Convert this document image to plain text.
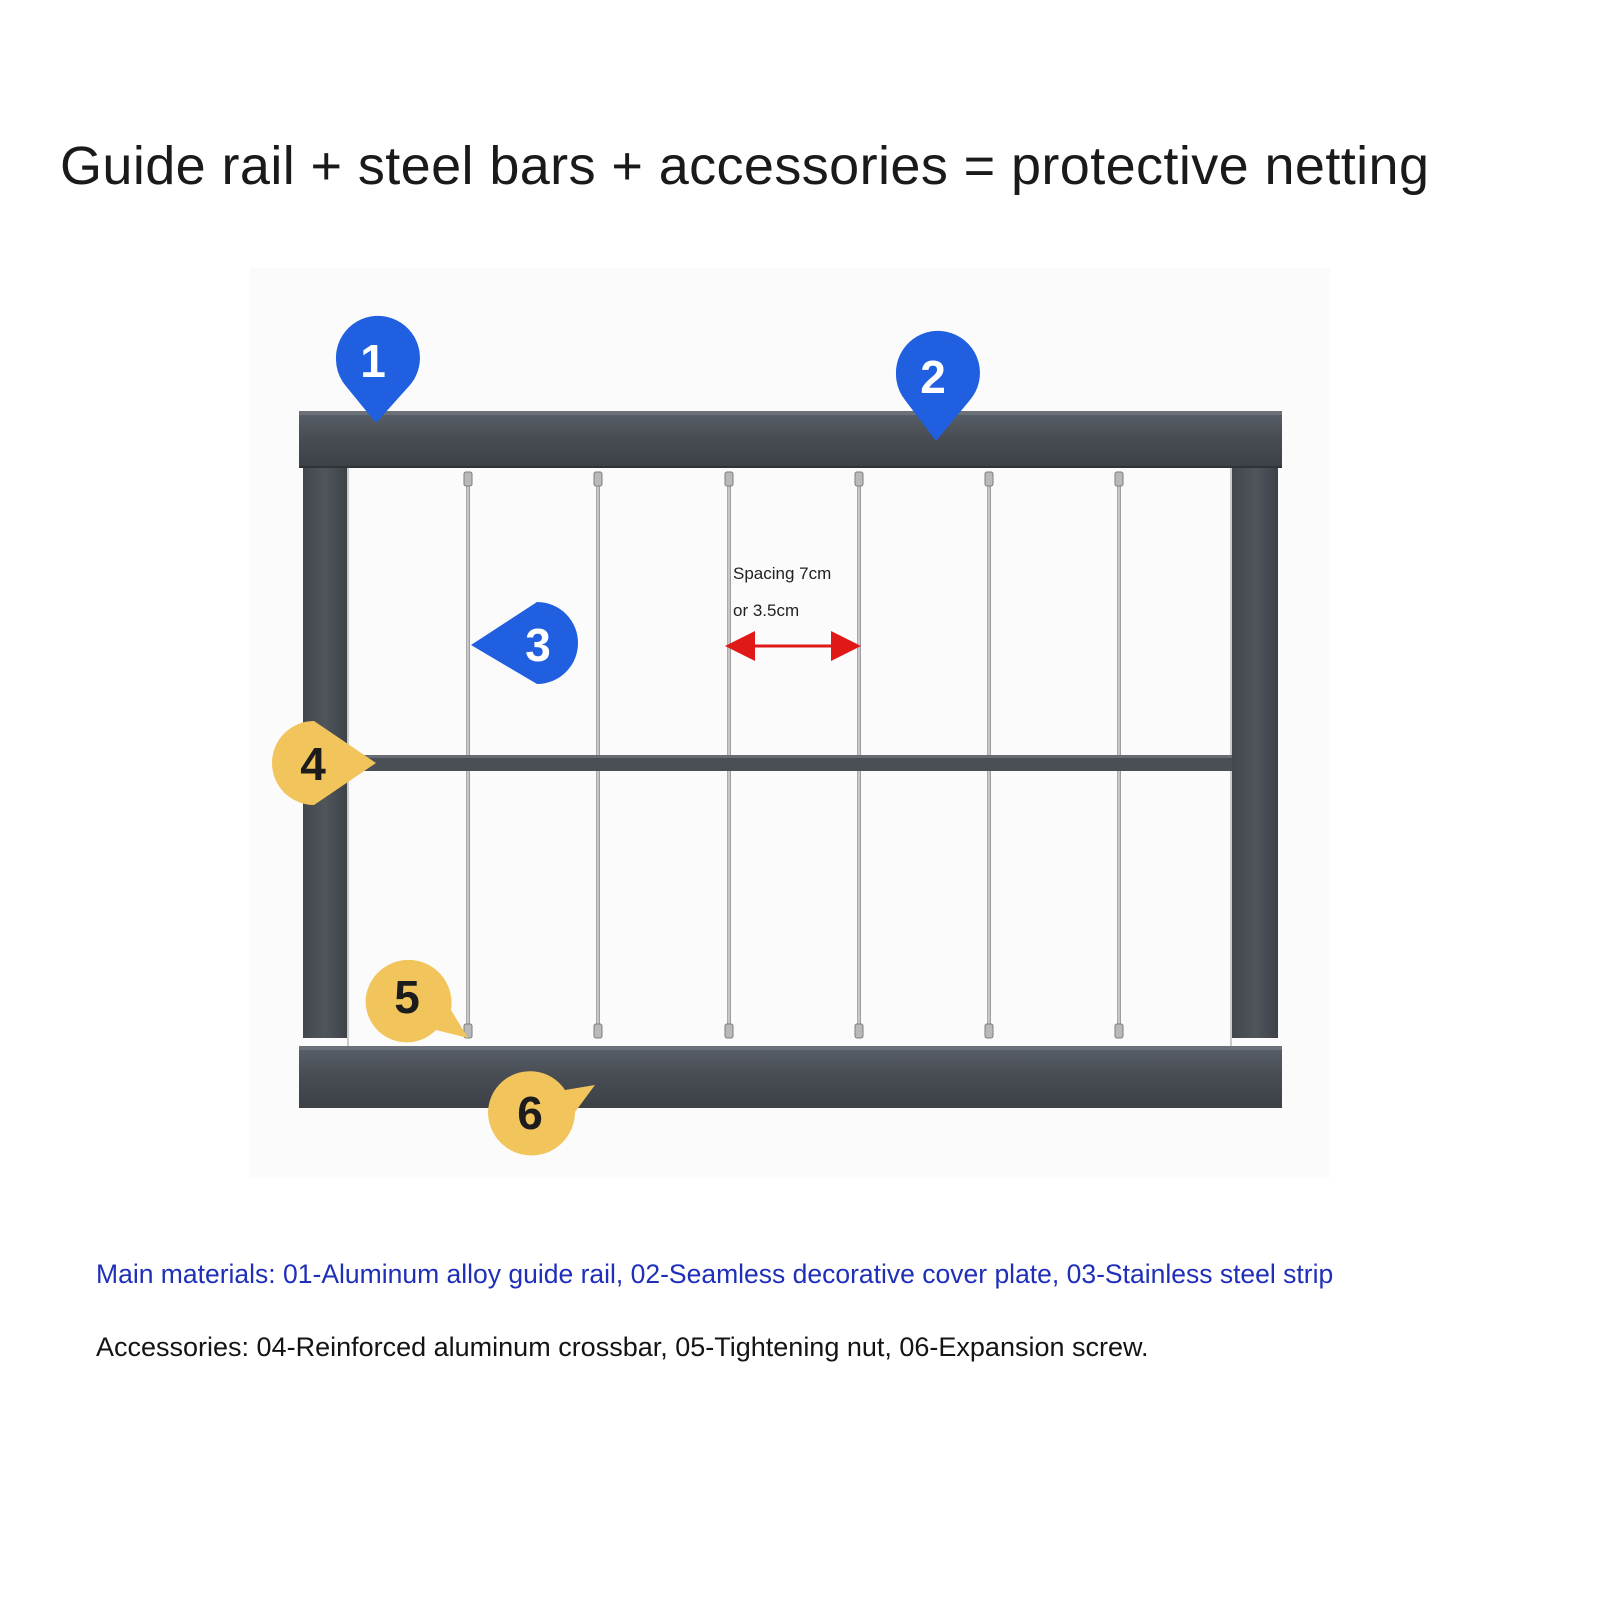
Guide rail + steel bars + accessories = protective netting
Spacing 7cm
or 3.5cm
1	2
3
4
5
6

Main materials: 01-Aluminum alloy guide rail, 02-Seamless decorative cover plate, 03-Stainless steel strip

Accessories: 04-Reinforced aluminum crossbar, 05-Tightening nut, 06-Expansion screw.
